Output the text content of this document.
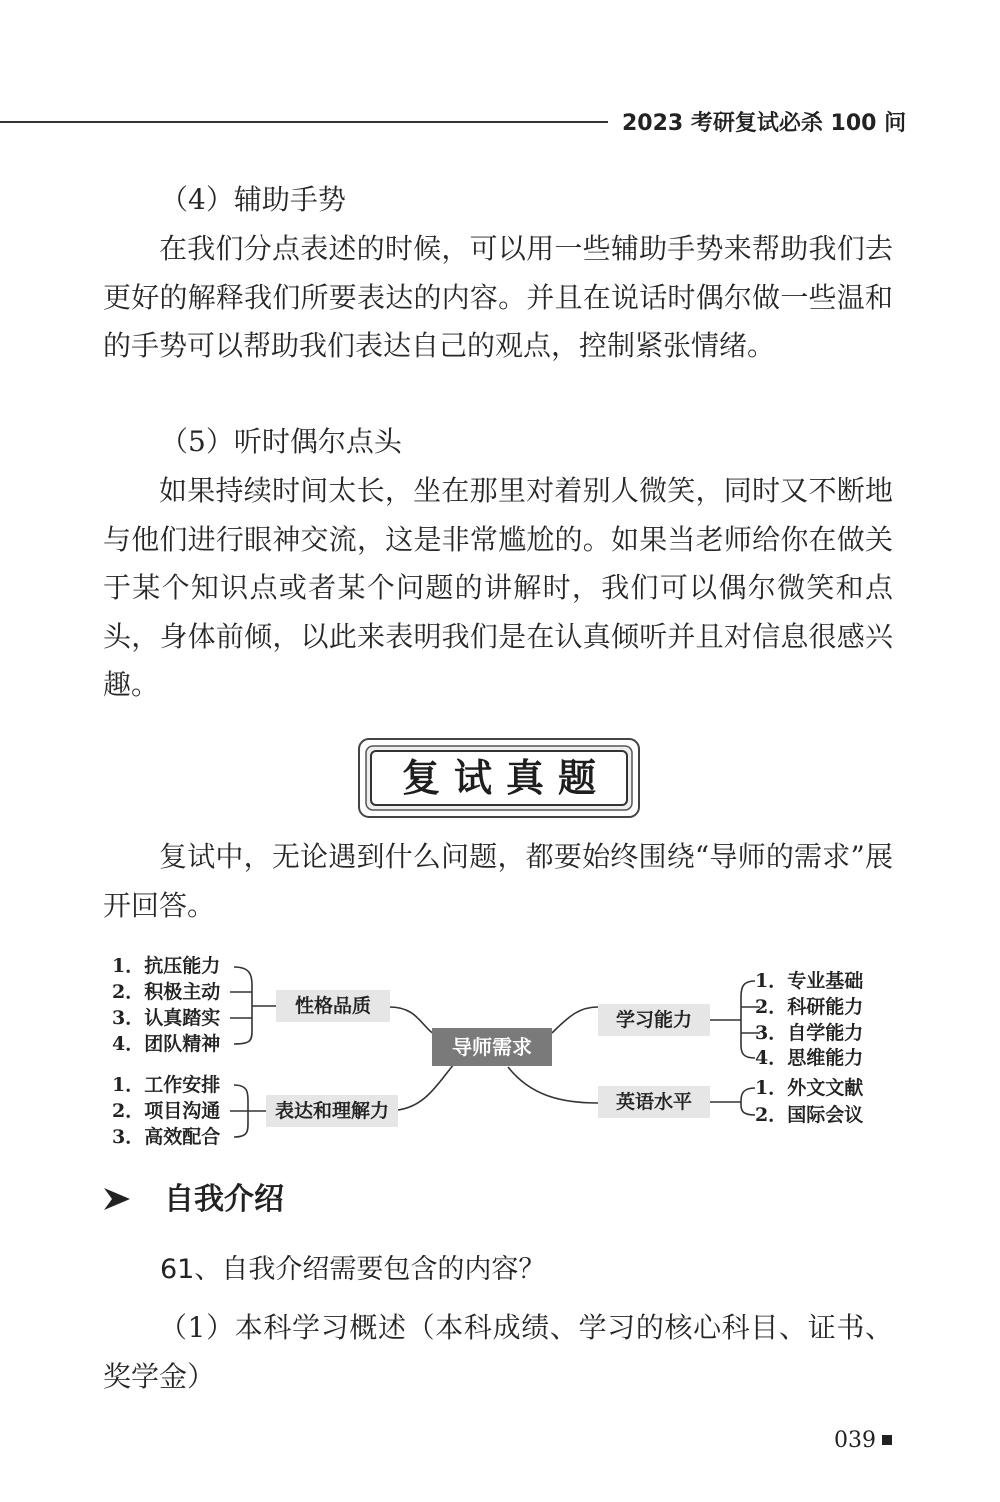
2023 考研复试必杀 100 问
（4）辅助手势

在我们分点表述的时候，可以用一些辅助手势来帮助我们去更好的解释我们所要表达的内容。并且在说话时偶尔做一些温和的手势可以帮助我们表达自己的观点，控制紧张情绪。

（5）听时偶尔点头

如果持续时间太长，坐在那里对着别人微笑，同时又不断地与他们进行眼神交流，这是非常尴尬的。如果当老师给你在做关于某个知识点或者某个问题的讲解时，我们可以偶尔微笑和点头，身体前倾，以此来表明我们是在认真倾听并且对信息很感兴趣。

复试真题

复试中，无论遇到什么问题，都要始终围绕“导师的需求”展开回答。

1．抗压能力
2．积极主动
3．认真踏实
4．团队精神
性格品质
1．工作安排
2．项目沟通
3．高效配合
表达和理解力
导师需求
学习能力
1．专业基础
2．科研能力
3．自学能力
4．思维能力
英语水平
1．外文文献
2．国际会议
自我介绍
61、自我介绍需要包含的内容？

（1）本科学习概述（本科成绩、学习的核心科目、证书、奖学金）

039
